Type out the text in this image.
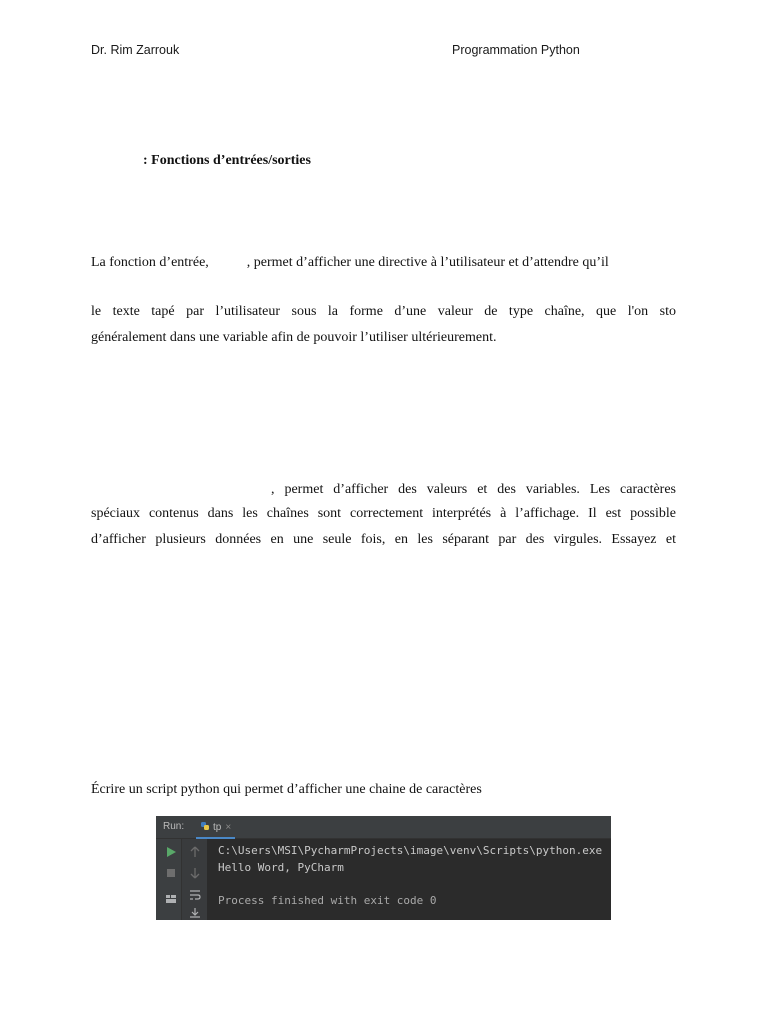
Dr. Rim Zarrouk	Programmation Python
: Fonctions d’entrées/sorties
La fonction d’entrée,	, permet d’afficher une directive à l’utilisateur et d’attendre qu’il
le texte tapé par l’utilisateur sous la forme d’une valeur de type chaîne, que l'on sto
généralement dans une variable afin de pouvoir l’utiliser ultérieurement.
, permet d’afficher des valeurs et des variables. Les caractères
spéciaux contenus dans les chaînes sont correctement interprétés à l’affichage. Il est possible
d’afficher plusieurs données en une seule fois, en les séparant par des virgules. Essayez et
Écrire un script python qui permet d’afficher une chaine de caractères
Run:	tp ×
C:\Users\MSI\PycharmProjects\image\venv\Scripts\python.exe
Hello Word, PyCharm
Process finished with exit code 0
